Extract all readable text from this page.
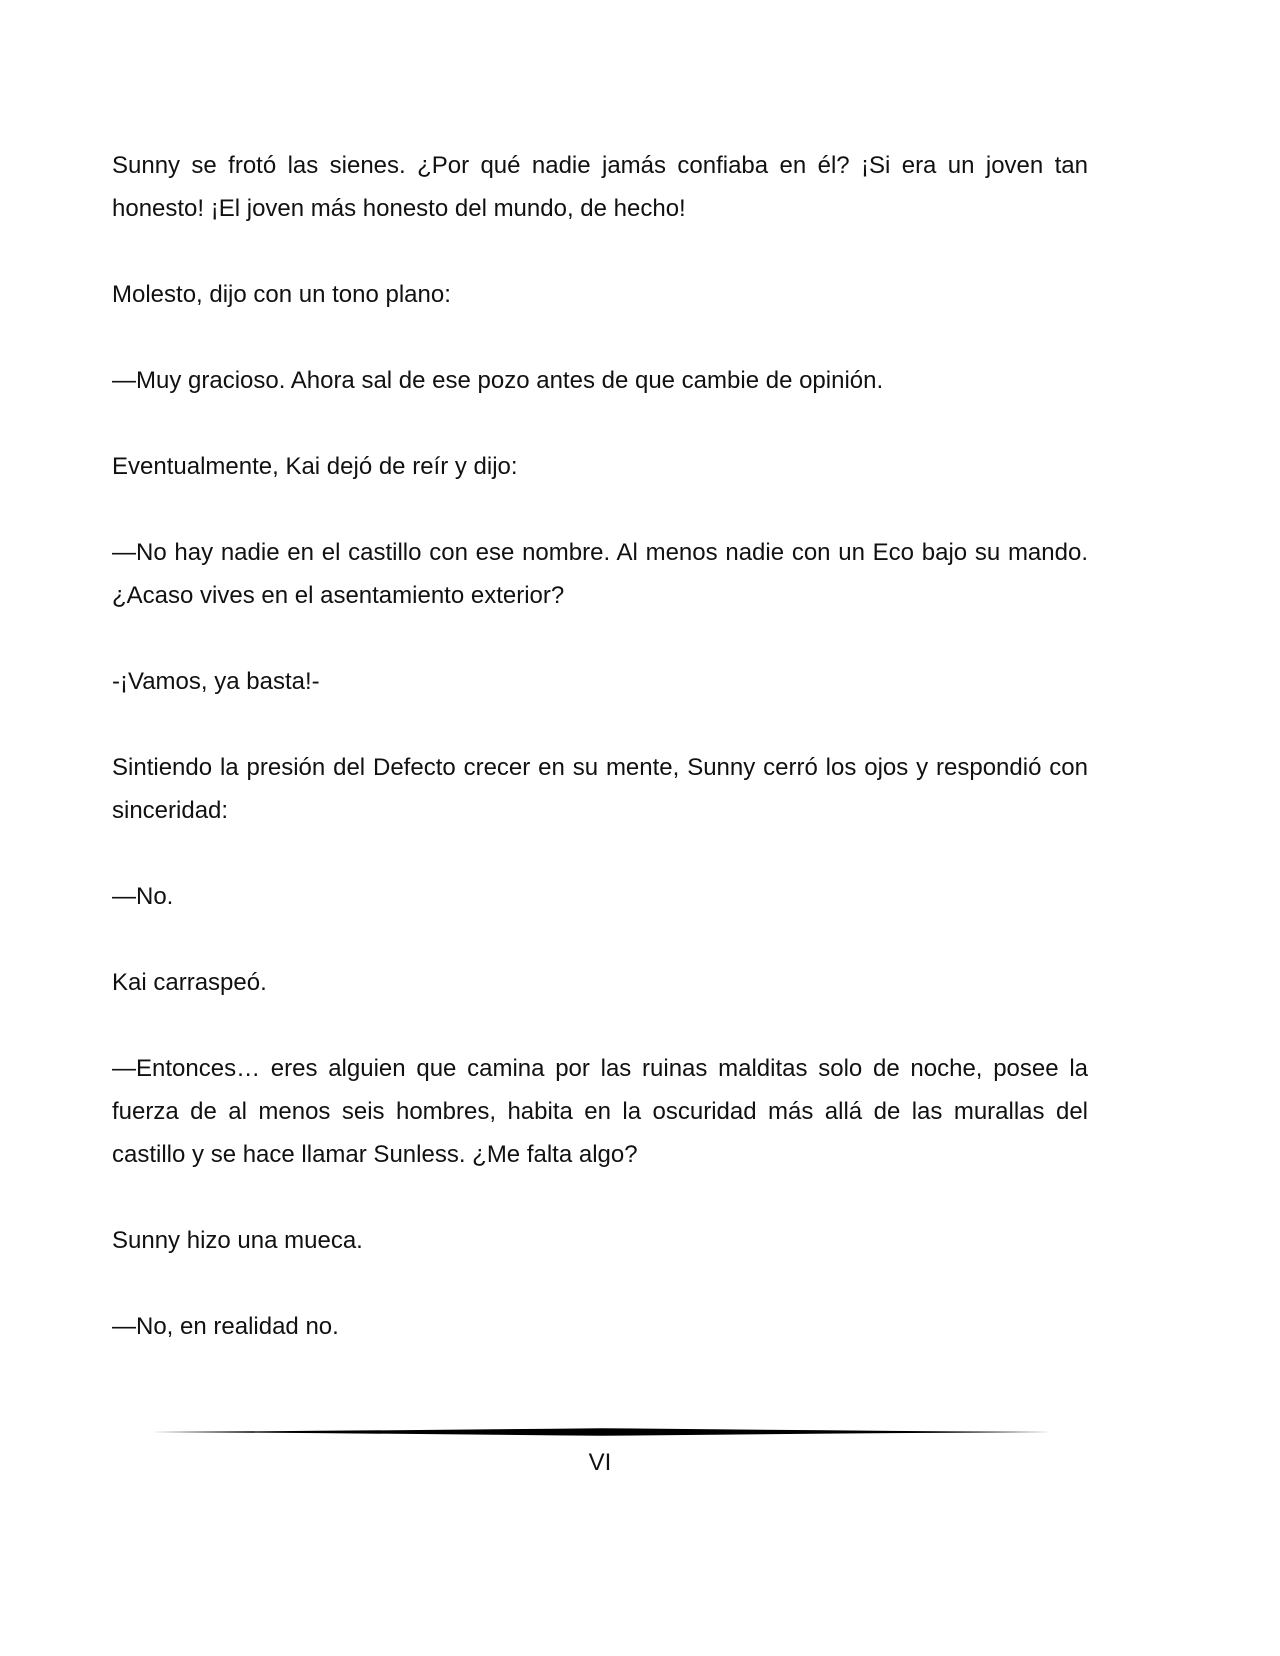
Sunny se frotó las sienes. ¿Por qué nadie jamás confiaba en él? ¡Si era un joven tan honesto! ¡El joven más honesto del mundo, de hecho!

Molesto, dijo con un tono plano:

—Muy gracioso. Ahora sal de ese pozo antes de que cambie de opinión.

Eventualmente, Kai dejó de reír y dijo:

—No hay nadie en el castillo con ese nombre. Al menos nadie con un Eco bajo su mando. ¿Acaso vives en el asentamiento exterior?

-¡Vamos, ya basta!-

Sintiendo la presión del Defecto crecer en su mente, Sunny cerró los ojos y respondió con sinceridad:

—No.

Kai carraspeó.

—Entonces… eres alguien que camina por las ruinas malditas solo de noche, posee la fuerza de al menos seis hombres, habita en la oscuridad más allá de las murallas del castillo y se hace llamar Sunless. ¿Me falta algo?

Sunny hizo una mueca.

—No, en realidad no.

VI
